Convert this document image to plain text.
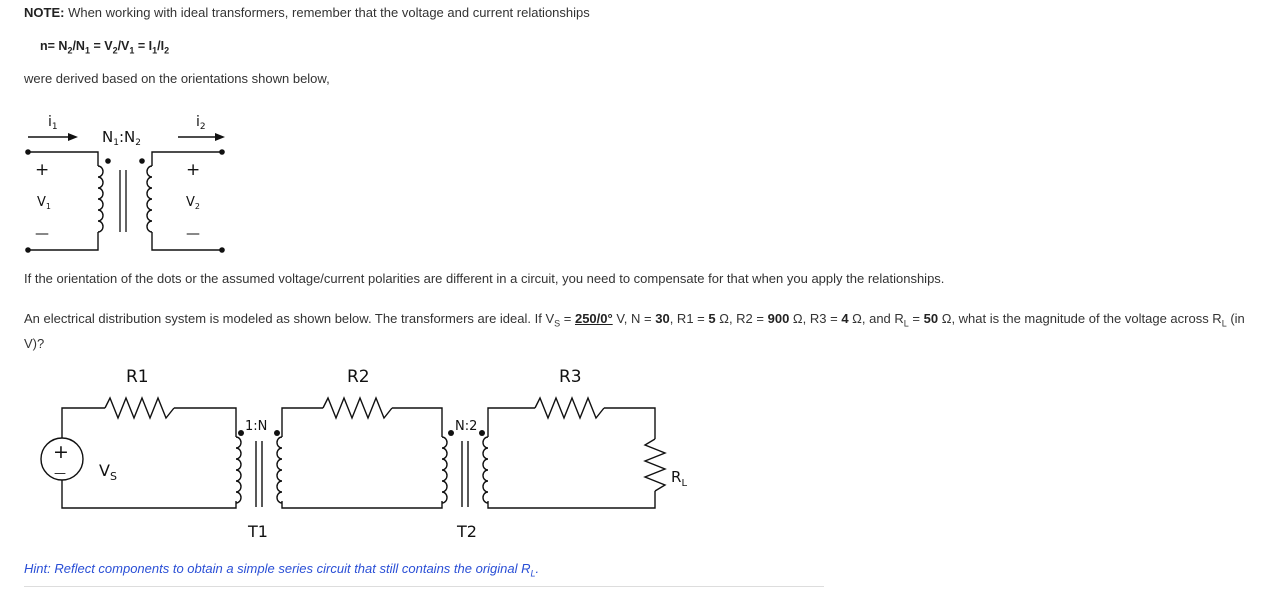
NOTE: When working with ideal transformers, remember that the voltage and current relationships
$n= N_2/N_1 = V_2/V_1 = I_1/I_2$
were derived based on the orientations shown below,
$i_1$	$i_2$
$N_1:N_2$
+
$V_1$
—
+
$V_2$
—
If the orientation of the dots or the assumed voltage/current polarities are different in a circuit, you need to compensate for that when you apply the relationships.
An electrical distribution system is modeled as shown below. The transformers are ideal. If $V_S = 250/0^\circ$ V, N = 30, R1 = 5 Ω, R2 = 900 Ω, R3 = 4 Ω, and $R_L = 50$ Ω, what is the magnitude of the voltage across $R_L$ (in V)?
R1	R2	R3
1:N	N:2
T1	T2
+
— $V_S$	$R_L$
Hint: Reflect components to obtain a simple series circuit that still contains the original $R_L$.
